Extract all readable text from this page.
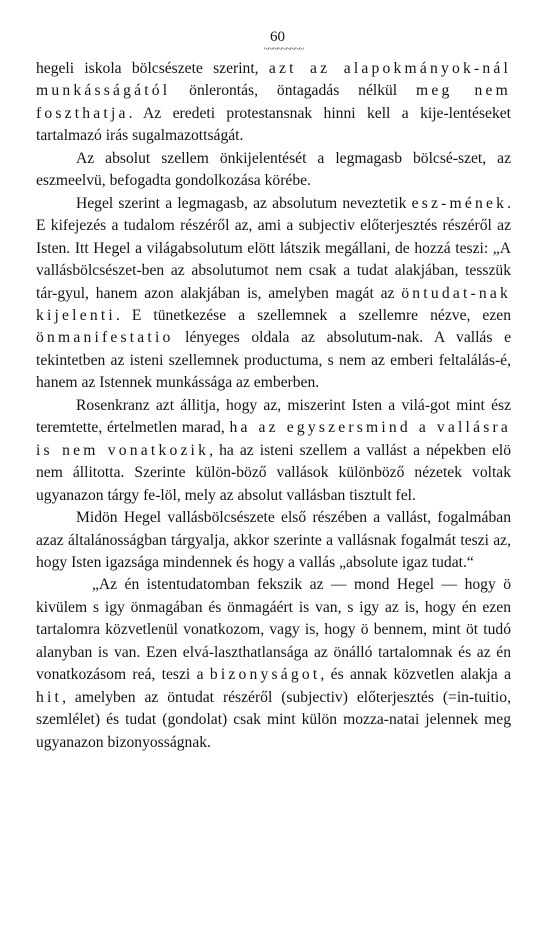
60

~~~~~~~~~

hegeli iskola bölcsészete szerint, azt az alapokmányok-nál munkásságától önlerontás, öntagadás nélkül meg nem foszthatja. Az eredeti protestansnak hinni kell a kije-lentéseket tartalmazó irás sugalmazottságát.

Az absolut szellem önkijelentését a legmagasb bölcsé-szet, az eszmeelvü, befogadta gondolkozása körébe.

Hegel szerint a legmagasb, az absolutum neveztetik esz-mének. E kifejezés a tudalom részéről az, ami a subjectiv előterjesztés részéről az Isten. Itt Hegel a világabsolutum elött látszik megállani, de hozzá teszi: „A vallásbölcsészet-ben az absolutumot nem csak a tudat alakjában, tesszük tár-gyul, hanem azon alakjában is, amelyben magát az öntudat-nak kijelenti. E tünetkezése a szellemnek a szellemre nézve, ezen önmanifestatio lényeges oldala az absolutum-nak. A vallás e tekintetben az isteni szellemnek productuma, s nem az emberi feltalálás-é, hanem az Istennek munkássága az emberben.

Rosenkranz azt állitja, hogy az, miszerint Isten a vilá-got mint ész teremtette, értelmetlen marad, ha az egyszersmind a vallásra is nem vonatkozik, ha az isteni szellem a vallást a népekben elö nem állitotta. Szerinte külön-böző vallások különböző nézetek voltak ugyanazon tárgy fe-löl, mely az absolut vallásban tisztult fel.

Midön Hegel vallásbölcsészete első részében a vallást, fogalmában azaz általánosságban tárgyalja, akkor szerinte a vallásnak fogalmát teszi az, hogy Isten igazsága mindennek és hogy a vallás „absolute igaz tudat.“

„Az én istentudatomban fekszik az — mond Hegel — hogy ö kivülem s igy önmagában és önmagáért is van, s igy az is, hogy én ezen tartalomra közvetlenül vonatkozom, vagy is, hogy ö bennem, mint öt tudó alanyban is van. Ezen elvá-laszthatlansága az önálló tartalomnak és az én vonatkozásom reá, teszi a bizonyságot, és annak közvetlen alakja a hit, amelyben az öntudat részéről (subjectiv) előterjesztés (=in-tuitio, szemlélet) és tudat (gondolat) csak mint külön mozza-natai jelennek meg ugyanazon bizonyosságnak.
